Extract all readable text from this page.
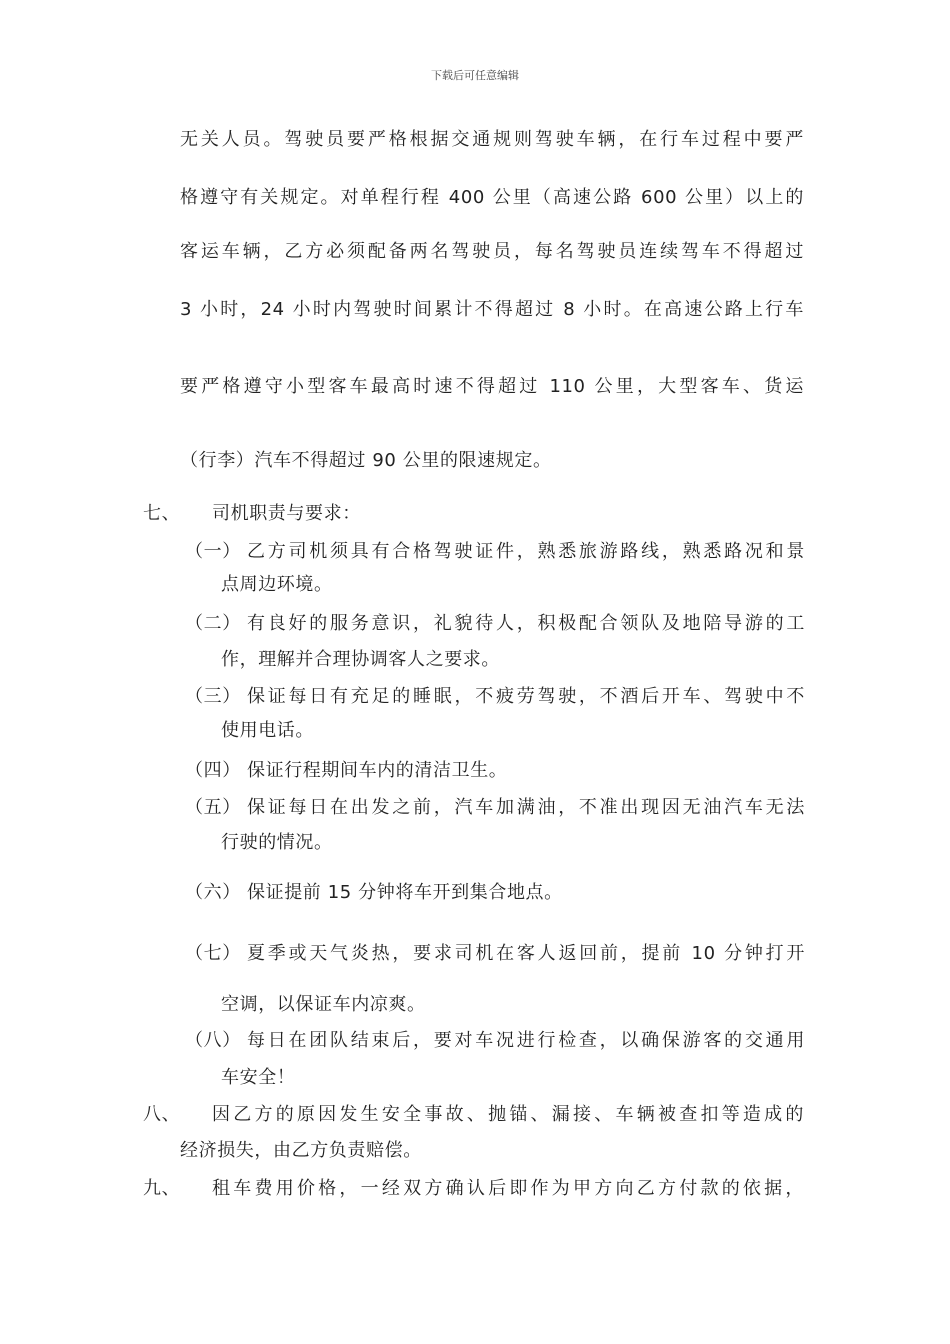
下载后可任意编辑
无关人员。驾驶员要严格根据交通规则驾驶车辆，在行车过程中要严
格遵守有关规定。对单程行程 400 公里（高速公路 600 公里）以上的
客运车辆，乙方必须配备两名驾驶员，每名驾驶员连续驾车不得超过
3 小时，24 小时内驾驶时间累计不得超过 8 小时。在高速公路上行车
要严格遵守小型客车最高时速不得超过 110 公里，大型客车、货运
（行李）汽车不得超过 90 公里的限速规定。
七、 司机职责与要求：
（一） 乙方司机须具有合格驾驶证件，熟悉旅游路线，熟悉路况和景
点周边环境。
（二） 有良好的服务意识，礼貌待人，积极配合领队及地陪导游的工
作，理解并合理协调客人之要求。
（三） 保证每日有充足的睡眠，不疲劳驾驶，不酒后开车、驾驶中不
使用电话。
（四） 保证行程期间车内的清洁卫生。
（五） 保证每日在出发之前，汽车加满油，不准出现因无油汽车无法
行驶的情况。
（六） 保证提前 15 分钟将车开到集合地点。
（七） 夏季或天气炎热，要求司机在客人返回前，提前 10 分钟打开
空调，以保证车内凉爽。
（八） 每日在团队结束后，要对车况进行检查，以确保游客的交通用
车安全！
八、 因乙方的原因发生安全事故、抛锚、漏接、车辆被查扣等造成的
经济损失，由乙方负责赔偿。
九、 租车费用价格，一经双方确认后即作为甲方向乙方付款的依据，
